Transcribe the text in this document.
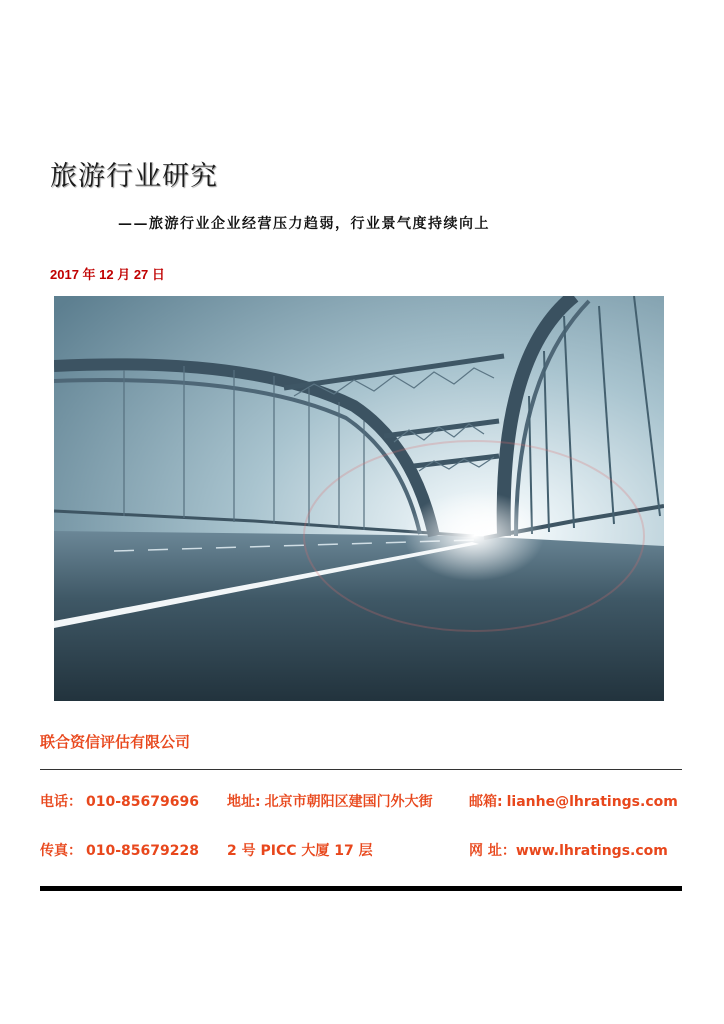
旅游行业研究
——旅游行业企业经营压力趋弱，行业景气度持续向上
2017 年 12 月 27 日
联合资信评估有限公司
电话： 010-85679696 地址: 北京市朝阳区建国门外大街	邮箱: lianhe@lhratings.com
传真： 010-85679228 2 号 PICC 大厦 17 层	网 址：www.lhratings.com
